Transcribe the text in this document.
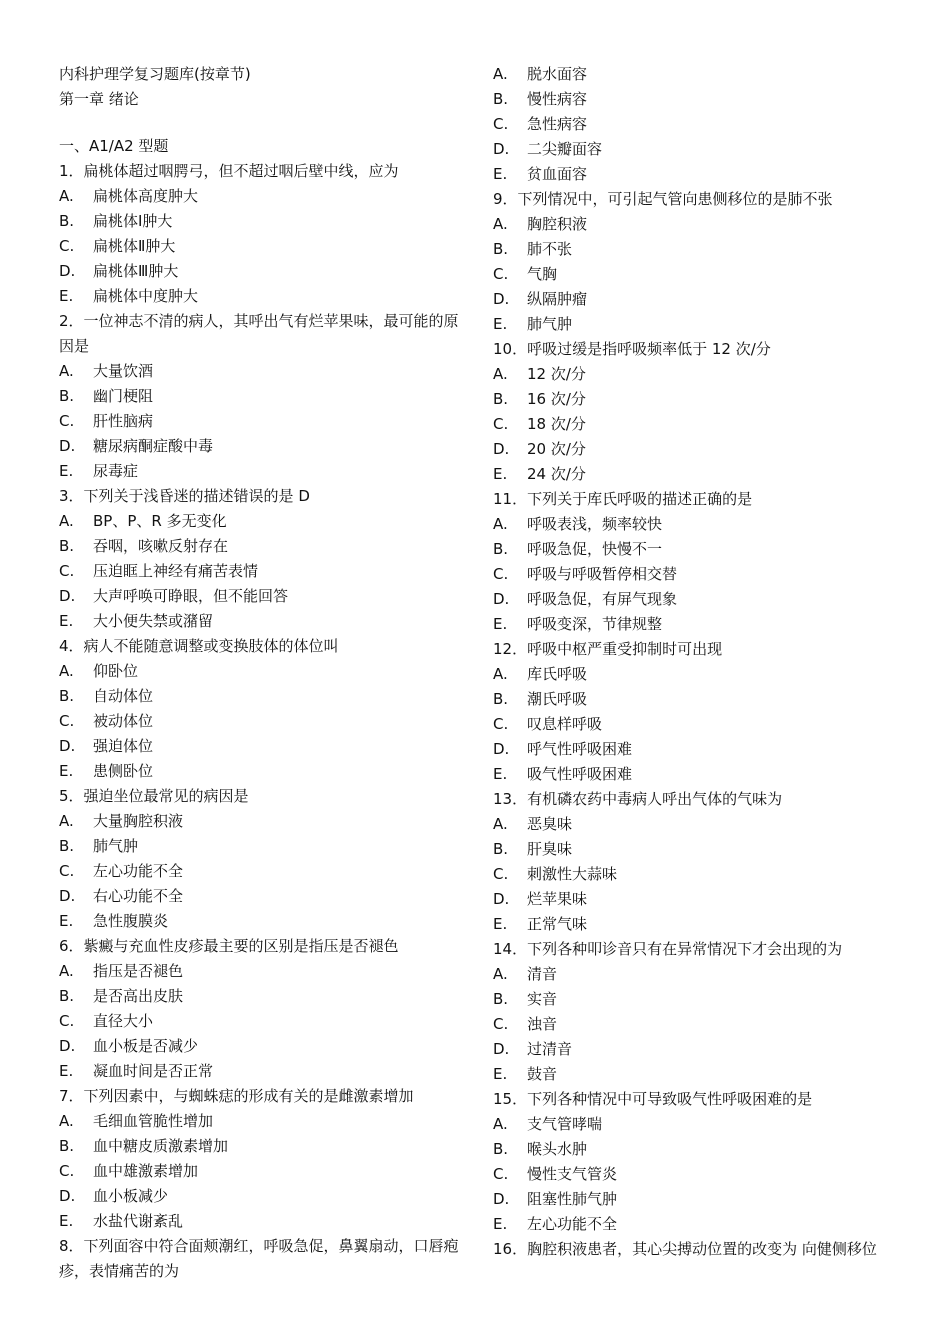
内科护理学复习题库(按章节)
第一章 绪论
一、A1/A2 型题
1．扁桃体超过咽腭弓，但不超过咽后壁中线，应为
A.	扁桃体高度肿大
B.	扁桃体Ⅰ肿大
C.	扁桃体Ⅱ肿大
D.	扁桃体Ⅲ肿大
E.	扁桃体中度肿大
2．一位神志不清的病人，其呼出气有烂苹果味，最可能的原因是
A.	大量饮酒
B.	幽门梗阻
C.	肝性脑病
D.	糖尿病酮症酸中毒
E.	尿毒症
3．下列关于浅昏迷的描述错误的是 D
A.	BP、P、R 多无变化
B.	吞咽，咳嗽反射存在
C.	压迫眶上神经有痛苦表情
D.	大声呼唤可睁眼，但不能回答
E.	大小便失禁或潴留
4．病人不能随意调整或变换肢体的体位叫
A.	仰卧位
B.	自动体位
C.	被动体位
D.	强迫体位
E.	患侧卧位
5．强迫坐位最常见的病因是
A.	大量胸腔积液
B.	肺气肿
C.	左心功能不全
D.	右心功能不全
E.	急性腹膜炎
6．紫癜与充血性皮疹最主要的区别是指压是否褪色
A.	指压是否褪色
B.	是否高出皮肤
C.	直径大小
D.	血小板是否减少
E.	凝血时间是否正常
7．下列因素中，与蜘蛛痣的形成有关的是雌激素增加
A.	毛细血管脆性增加
B.	血中糖皮质激素增加
C.	血中雄激素增加
D.	血小板减少
E.	水盐代谢紊乱
8．下列面容中符合面颊潮红，呼吸急促，鼻翼扇动，口唇疱疹，表情痛苦的为
A.	脱水面容
B.	慢性病容
C.	急性病容
D.	二尖瓣面容
E.	贫血面容
9．下列情况中，可引起气管向患侧移位的是肺不张
A.	胸腔积液
B.	肺不张
C.	气胸
D.	纵隔肿瘤
E.	肺气肿
10．呼吸过缓是指呼吸频率低于 12 次/分
A.	12 次/分
B.	16 次/分
C.	18 次/分
D.	20 次/分
E.	24 次/分
11．下列关于库氏呼吸的描述正确的是
A.	呼吸表浅，频率较快
B.	呼吸急促，快慢不一
C.	呼吸与呼吸暂停相交替
D.	呼吸急促，有屏气现象
E.	呼吸变深，节律规整
12．呼吸中枢严重受抑制时可出现
A.	库氏呼吸
B.	潮氏呼吸
C.	叹息样呼吸
D.	呼气性呼吸困难
E.	吸气性呼吸困难
13．有机磷农药中毒病人呼出气体的气味为
A.	恶臭味
B.	肝臭味
C.	刺激性大蒜味
D.	烂苹果味
E.	正常气味
14．下列各种叩诊音只有在异常情况下才会出现的为
A.	清音
B.	实音
C.	浊音
D.	过清音
E.	鼓音
15．下列各种情况中可导致吸气性呼吸困难的是
A.	支气管哮喘
B.	喉头水肿
C.	慢性支气管炎
D.	阻塞性肺气肿
E.	左心功能不全
16．胸腔积液患者，其心尖搏动位置的改变为 向健侧移位
